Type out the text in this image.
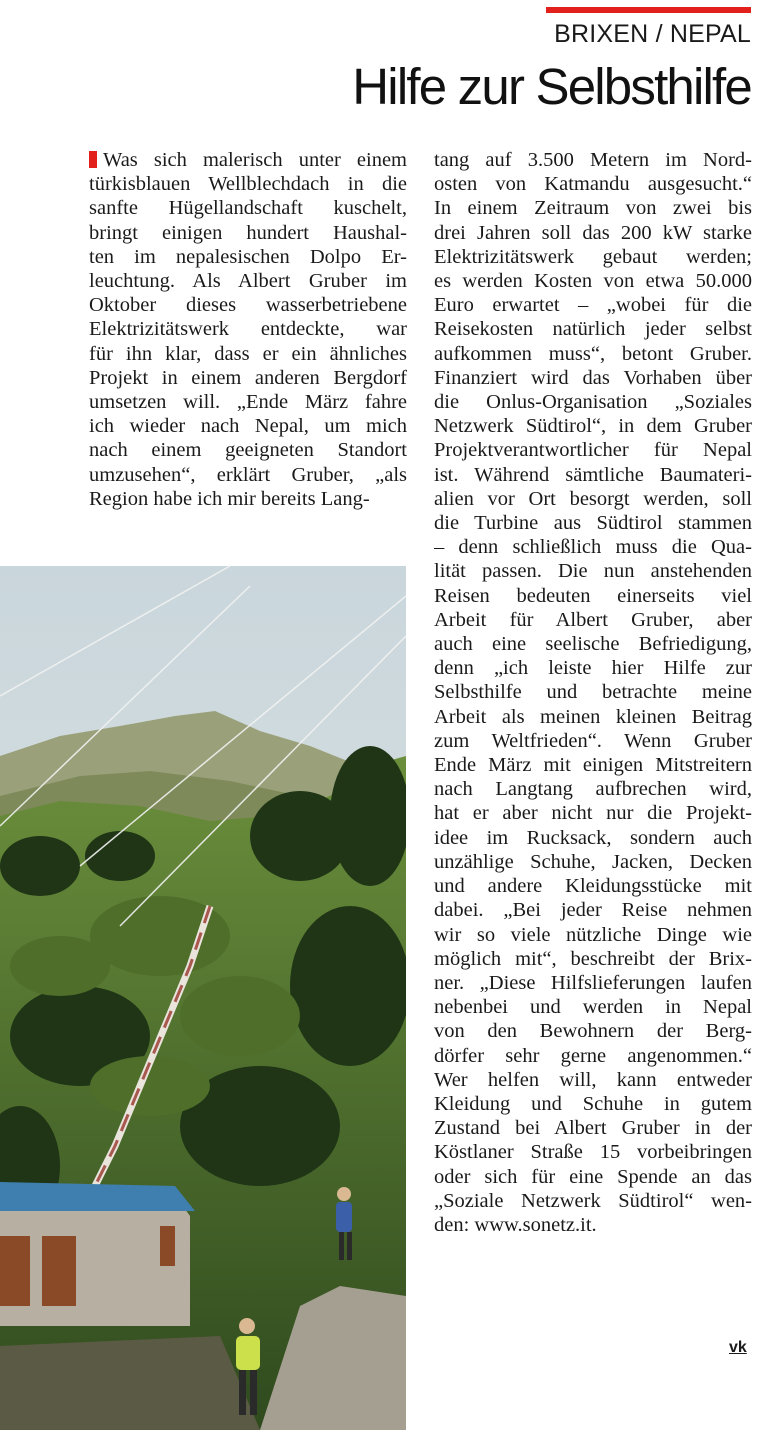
BRIXEN / NEPAL
Hilfe zur Selbsthilfe
Was sich malerisch unter einem
türkisblauen Wellblechdach in die
sanfte Hügellandschaft kuschelt,
bringt einigen hundert Haushal-
ten im nepalesischen Dolpo Er-
leuchtung. Als Albert Gruber im
Oktober dieses wasserbetriebene
Elektrizitätswerk entdeckte, war
für ihn klar, dass er ein ähnliches
Projekt in einem anderen Bergdorf
umsetzen will. „Ende März fahre
ich wieder nach Nepal, um mich
nach einem geeigneten Standort
umzusehen“, erklärt Gruber, „als
Region habe ich mir bereits Lang-
tang auf 3.500 Metern im Nord-
osten von Katmandu ausgesucht.“
In einem Zeitraum von zwei bis
drei Jahren soll das 200 kW starke
Elektrizitätswerk gebaut werden;
es werden Kosten von etwa 50.000
Euro erwartet – „wobei für die
Reisekosten natürlich jeder selbst
aufkommen muss“, betont Gruber.
Finanziert wird das Vorhaben über
die Onlus-Organisation „Soziales
Netzwerk Südtirol“, in dem Gruber
Projektverantwortlicher für Nepal
ist. Während sämtliche Baumateri-
alien vor Ort besorgt werden, soll
die Turbine aus Südtirol stammen
– denn schließlich muss die Qua-
lität passen. Die nun anstehenden
Reisen bedeuten einerseits viel
Arbeit für Albert Gruber, aber
auch eine seelische Befriedigung,
denn „ich leiste hier Hilfe zur
Selbsthilfe und betrachte meine
Arbeit als meinen kleinen Beitrag
zum Weltfrieden“. Wenn Gruber
Ende März mit einigen Mitstreitern
nach Langtang aufbrechen wird,
hat er aber nicht nur die Projekt-
idee im Rucksack, sondern auch
unzählige Schuhe, Jacken, Decken
und andere Kleidungsstücke mit
dabei. „Bei jeder Reise nehmen
wir so viele nützliche Dinge wie
möglich mit“, beschreibt der Brix-
ner. „Diese Hilfslieferungen laufen
nebenbei und werden in Nepal
von den Bewohnern der Berg-
dörfer sehr gerne angenommen.“
Wer helfen will, kann entweder
Kleidung und Schuhe in gutem
Zustand bei Albert Gruber in der
Köstlaner Straße 15 vorbeibringen
oder sich für eine Spende an das
„Soziale Netzwerk Südtirol“ wen-
den: www.sonetz.it.
vk
